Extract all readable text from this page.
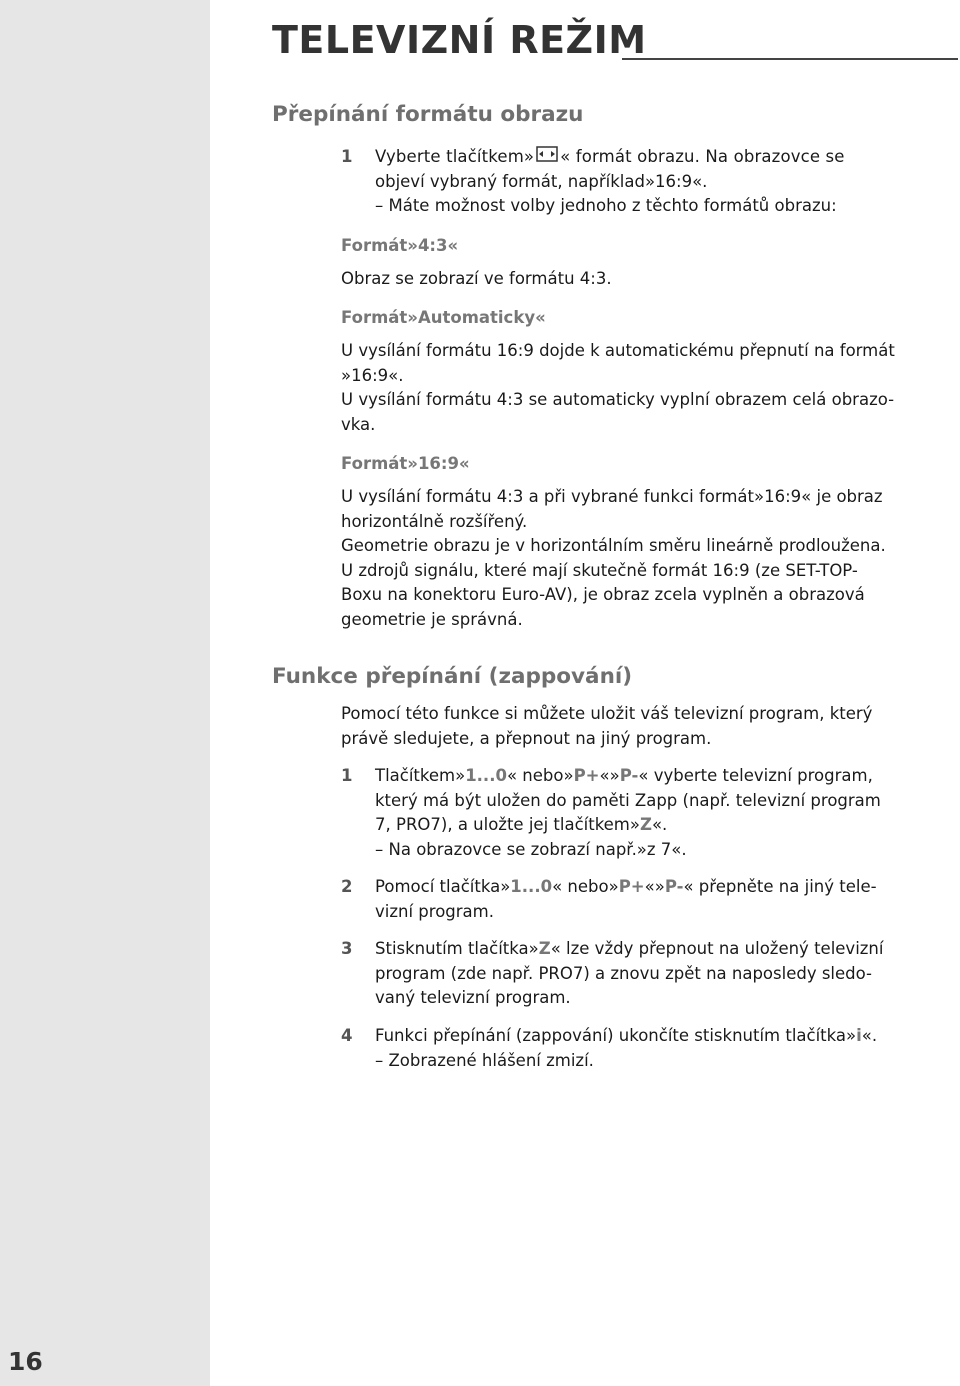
16
TELEVIZNÍ REŽIM
Přepínání formátu obrazu
1 Vyberte tlačítkem» « formát obrazu. Na obrazovce se
objeví vybraný formát, například»16:9«.
– Máte možnost volby jednoho z těchto formátů obrazu:
Formát»4:3«
Obraz se zobrazí ve formátu 4:3.
Formát»Automaticky«
U vysílání formátu 16:9 dojde k automatickému přepnutí na formát
»16:9«.
U vysílání formátu 4:3 se automaticky vyplní obrazem celá obrazo-
vka.
Formát»16:9«
U vysílání formátu 4:3 a při vybrané funkci formát»16:9« je obraz
horizontálně rozšířený.
Geometrie obrazu je v horizontálním směru lineárně prodloužena.
U zdrojů signálu, které mají skutečně formát 16:9 (ze SET-TOP-
Boxu na konektoru Euro-AV), je obraz zcela vyplněn a obrazová
geometrie je správná.
Funkce přepínání (zappování)
Pomocí této funkce si můžete uložit váš televizní program, který
právě sledujete, a přepnout na jiný program.
1 Tlačítkem»1...0« nebo»P+«»P-« vyberte televizní program,
který má být uložen do paměti Zapp (např. televizní program
7, PRO7), a uložte jej tlačítkem»Z«.
– Na obrazovce se zobrazí např.»z 7«.
2 Pomocí tlačítka»1...0« nebo»P+«»P-« přepněte na jiný tele-
vizní program.
3 Stisknutím tlačítka»Z« lze vždy přepnout na uložený televizní
program (zde např. PRO7) a znovu zpět na naposledy sledo-
vaný televizní program.
4 Funkci přepínání (zappování) ukončíte stisknutím tlačítka»i«.
– Zobrazené hlášení zmizí.
